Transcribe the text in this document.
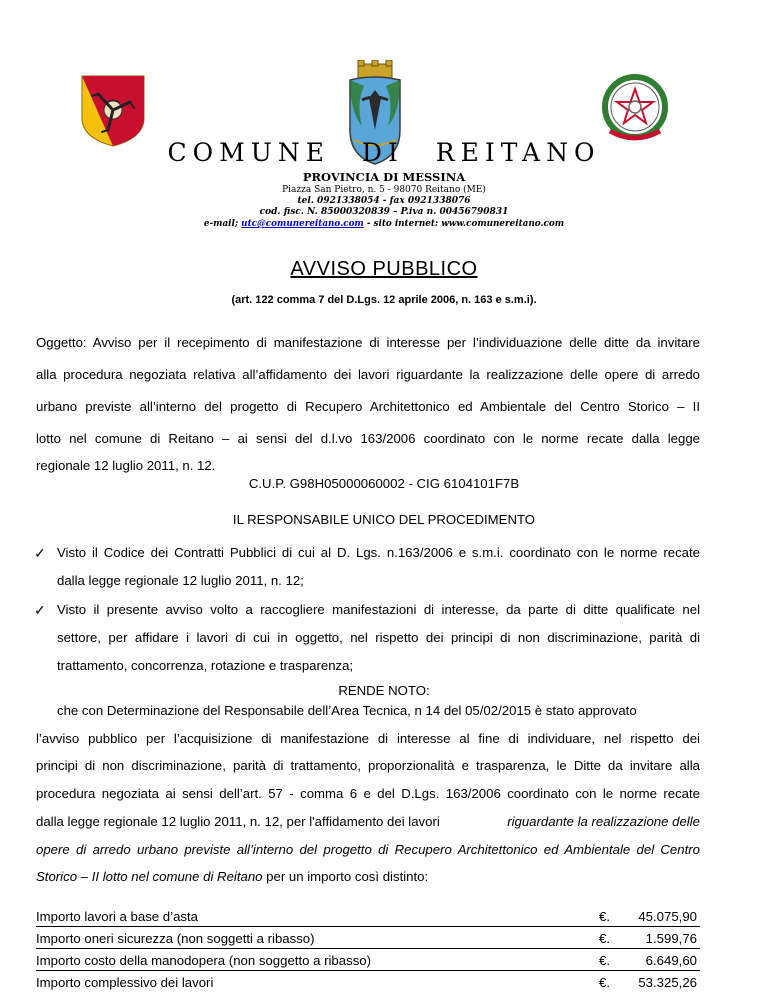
COMUNE DI REITANO
PROVINCIA DI MESSINA
Piazza San Pietro, n. 5 - 98070 Reitano (ME)
tel. 0921338054 - fax 0921338076
cod. fisc. N. 85000320839 – P.iva n. 00456790831
e-mail; utc@comunereitano.com - sito internet: www.comunereitano.com
AVVISO PUBBLICO
(art. 122 comma 7 del D.Lgs. 12 aprile 2006, n. 163 e s.m.i).
Oggetto: Avviso per il recepimento di manifestazione di interesse per l’individuazione delle ditte da invitare
alla procedura negoziata relativa all’affidamento dei lavori riguardante la realizzazione delle opere di arredo
urbano previste all’interno del progetto di Recupero Architettonico ed Ambientale del Centro Storico – II
lotto nel comune di Reitano – ai sensi del d.l.vo 163/2006 coordinato con le norme recate dalla legge
regionale 12 luglio 2011, n. 12.
C.U.P. G98H05000060002 - CIG 6104101F7B
IL RESPONSABILE UNICO DEL PROCEDIMENTO
✓ Visto il Codice dei Contratti Pubblici di cui al D. Lgs. n.163/2006 e s.m.i. coordinato con le norme recate
dalla legge regionale 12 luglio 2011, n. 12;
✓ Visto il presente avviso volto a raccogliere manifestazioni di interesse, da parte di ditte qualificate nel
settore, per affidare i lavori di cui in oggetto, nel rispetto dei principi di non discriminazione, parità di
trattamento, concorrenza, rotazione e trasparenza;
RENDE NOTO:
che con Determinazione del Responsabile dell’Area Tecnica, n 14 del 05/02/2015 è stato approvato
l’avviso pubblico per l’acquisizione di manifestazione di interesse al fine di individuare, nel rispetto dei
principi di non discriminazione, parità di trattamento, proporzionalità e trasparenza, le Ditte da invitare alla
procedura negoziata ai sensi dell’art. 57 - comma 6 e del D.Lgs. 163/2006 coordinato con le norme recate
dalla legge regionale 12 luglio 2011, n. 12, per l'affidamento dei lavori	riguardante la realizzazione delle
opere di arredo urbano previste all’interno del progetto di Recupero Architettonico ed Ambientale del Centro
Storico – II lotto nel comune di Reitano per un importo così distinto:
Importo lavori a base d’asta	€. 45.075,90
Importo oneri sicurezza (non soggetti a ribasso)	€.	1.599,76
Importo costo della manodopera (non soggetto a ribasso)	€.	6.649,60
Importo complessivo dei lavori	€. 53.325,26
